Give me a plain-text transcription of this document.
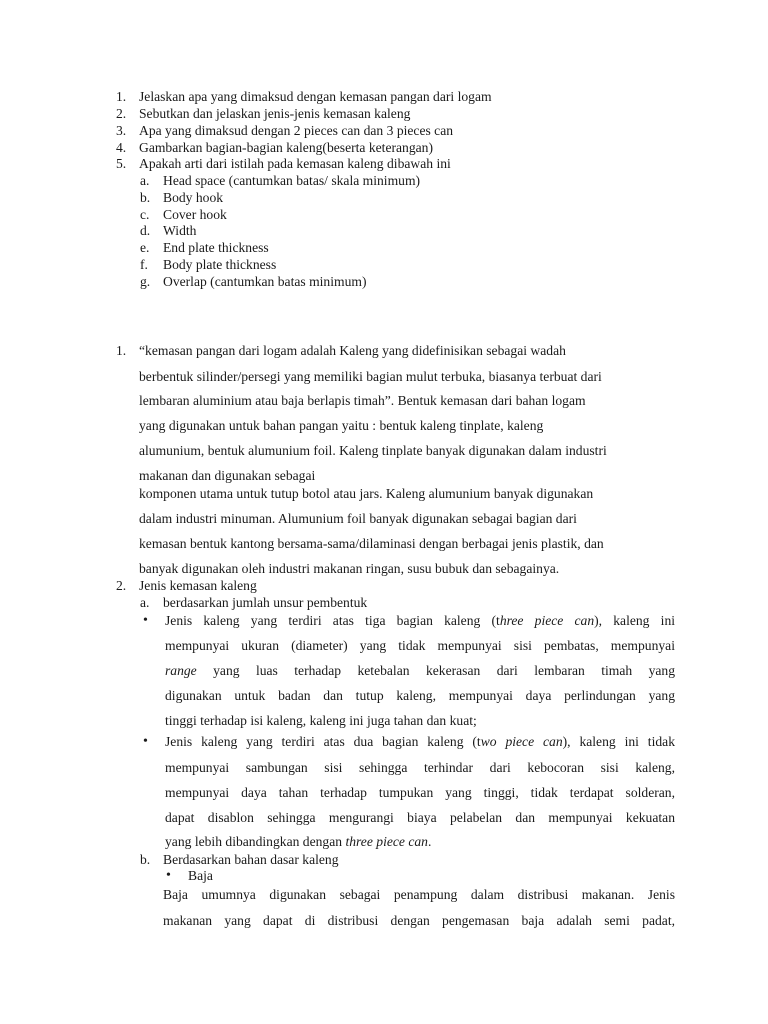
1. Jelaskan apa yang dimaksud dengan kemasan pangan dari logam
2. Sebutkan dan jelaskan jenis-jenis kemasan kaleng
3. Apa yang dimaksud dengan 2 pieces can dan 3 pieces can
4. Gambarkan bagian-bagian kaleng(beserta keterangan)
5. Apakah arti dari istilah pada kemasan kaleng dibawah ini
a. Head space (cantumkan batas/ skala minimum)
b. Body hook
c. Cover hook
d. Width
e. End plate thickness
f. Body plate thickness
g. Overlap (cantumkan batas minimum)
1. “kemasan pangan dari logam adalah Kaleng yang didefinisikan sebagai wadah
berbentuk silinder/persegi yang memiliki bagian mulut terbuka, biasanya terbuat dari
lembaran aluminium atau baja berlapis timah”. Bentuk kemasan dari bahan logam
yang digunakan untuk bahan pangan yaitu : bentuk kaleng tinplate, kaleng
alumunium, bentuk alumunium foil. Kaleng tinplate banyak digunakan dalam industri
makanan dan digunakan sebagai
komponen utama untuk tutup botol atau jars. Kaleng alumunium banyak digunakan
dalam industri minuman. Alumunium foil banyak digunakan sebagai bagian dari
kemasan bentuk kantong bersama-sama/dilaminasi dengan berbagai jenis plastik, dan
banyak digunakan oleh industri makanan ringan, susu bubuk dan sebagainya.
2. Jenis kemasan kaleng
a. berdasarkan jumlah unsur pembentuk
• Jenis kaleng yang terdiri atas tiga bagian kaleng (three piece can), kaleng ini
mempunyai ukuran (diameter) yang tidak mempunyai sisi pembatas, mempunyai
range yang luas terhadap ketebalan kekerasan dari lembaran timah yang
digunakan untuk badan dan tutup kaleng, mempunyai daya perlindungan yang
tinggi terhadap isi kaleng, kaleng ini juga tahan dan kuat;
• Jenis kaleng yang terdiri atas dua bagian kaleng (two piece can), kaleng ini tidak
mempunyai sambungan sisi sehingga terhindar dari kebocoran sisi kaleng,
mempunyai daya tahan terhadap tumpukan yang tinggi, tidak terdapat solderan,
dapat disablon sehingga mengurangi biaya pelabelan dan mempunyai kekuatan
yang lebih dibandingkan dengan three piece can.
b. Berdasarkan bahan dasar kaleng
• Baja
Baja umumnya digunakan sebagai penampung dalam distribusi makanan. Jenis
makanan yang dapat di distribusi dengan pengemasan baja adalah semi padat,
